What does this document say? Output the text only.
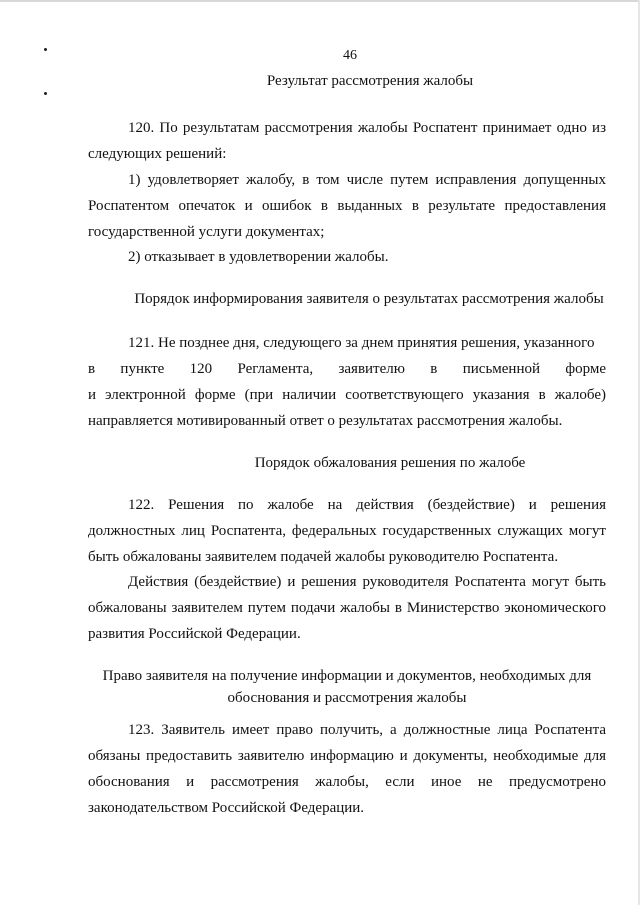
46
Результат рассмотрения жалобы

120. По результатам рассмотрения жалобы Роспатент принимает одно из следующих решений:

1) удовлетворяет жалобу, в том числе путем исправления допущенных Роспатентом опечаток и ошибок в выданных в результате предоставления государственной услуги документах;

2) отказывает в удовлетворении жалобы.

Порядок информирования заявителя о результатах рассмотрения жалобы
121. Не позднее дня, следующего за днем принятия решения, указанного
в пункте 120 Регламента, заявителю в письменной форме
и электронной форме (при наличии соответствующего указания в жалобе) направляется мотивированный ответ о результатах рассмотрения жалобы.
Порядок обжалования решения по жалобе

122. Решения по жалобе на действия (бездействие) и решения должностных лиц Роспатента, федеральных государственных служащих могут быть обжалованы заявителем подачей жалобы руководителю Роспатента.

Действия (бездействие) и решения руководителя Роспатента могут быть обжалованы заявителем путем подачи жалобы в Министерство экономического развития Российской Федерации.

Право заявителя на получение информации и документов, необходимых для
обоснования и рассмотрения жалобы

123. Заявитель имеет право получить, а должностные лица Роспатента обязаны предоставить заявителю информацию и документы, необходимые для обоснования и рассмотрения жалобы, если иное не предусмотрено законодательством Российской Федерации.
